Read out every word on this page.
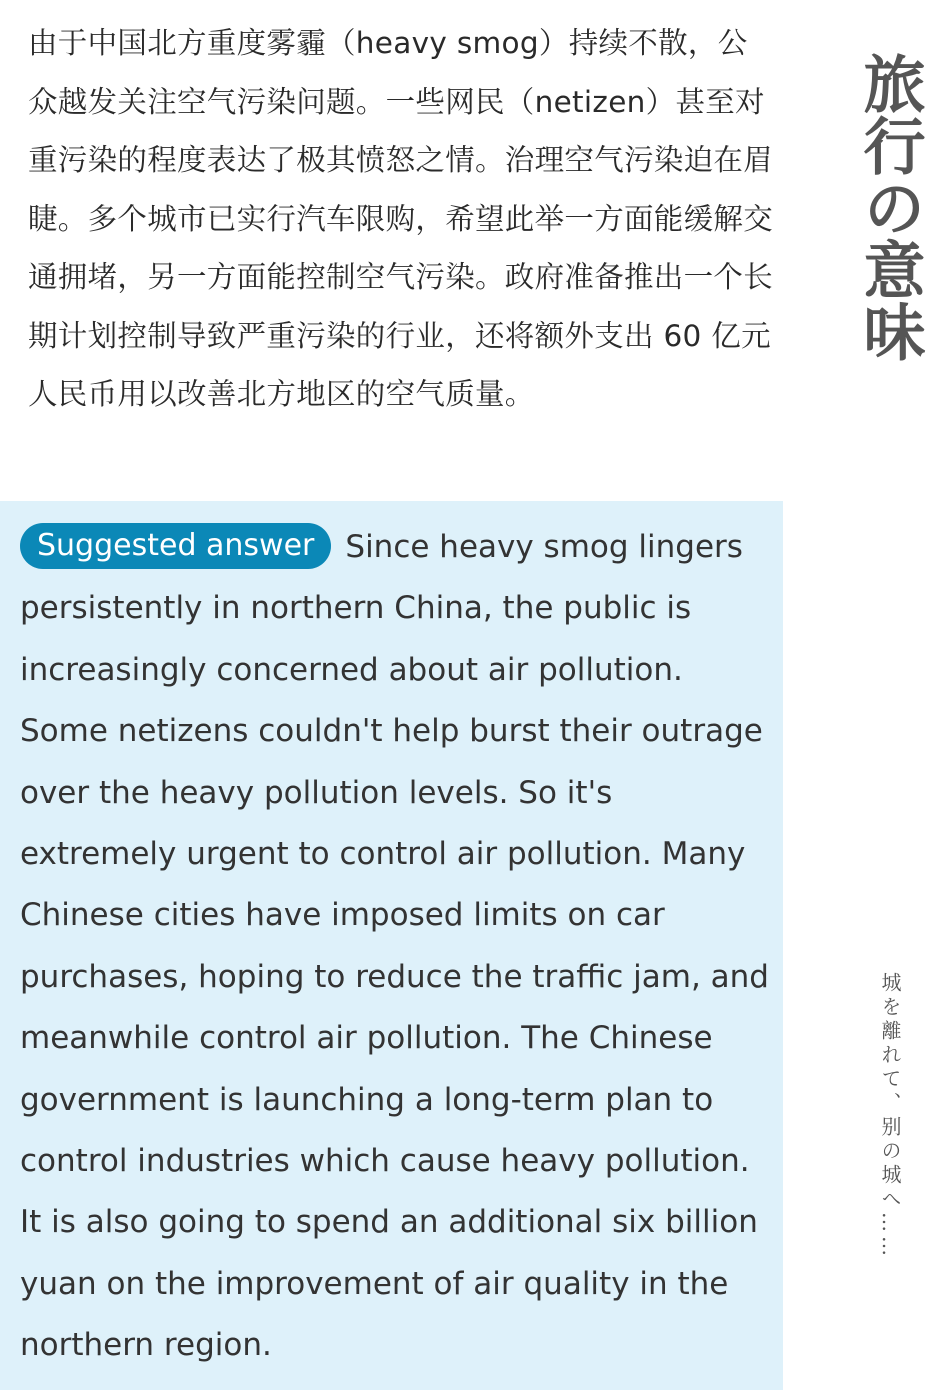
由于中国北方重度雾霾（heavy smog）持续不散，公众越发关注空气污染问题。一些网民（netizen）甚至对重污染的程度表达了极其愤怒之情。治理空气污染迫在眉睫。多个城市已实行汽车限购，希望此举一方面能缓解交通拥堵，另一方面能控制空气污染。政府准备推出一个长期计划控制导致严重污染的行业，还将额外支出 60 亿元人民币用以改善北方地区的空气质量。

Suggested answer Since heavy smog lingers persistently in northern China, the public is increasingly concerned about air pollution. Some netizens couldn't help burst their outrage over the heavy pollution levels. So it's extremely urgent to control air pollution. Many Chinese cities have imposed limits on car purchases, hoping to reduce the traffic jam, and meanwhile control air pollution. The Chinese government is launching a long-term plan to control industries which cause heavy pollution. It is also going to spend an additional six billion yuan on the improvement of air quality in the northern region.

旅行の意味
城を離れて、别の城へ……
